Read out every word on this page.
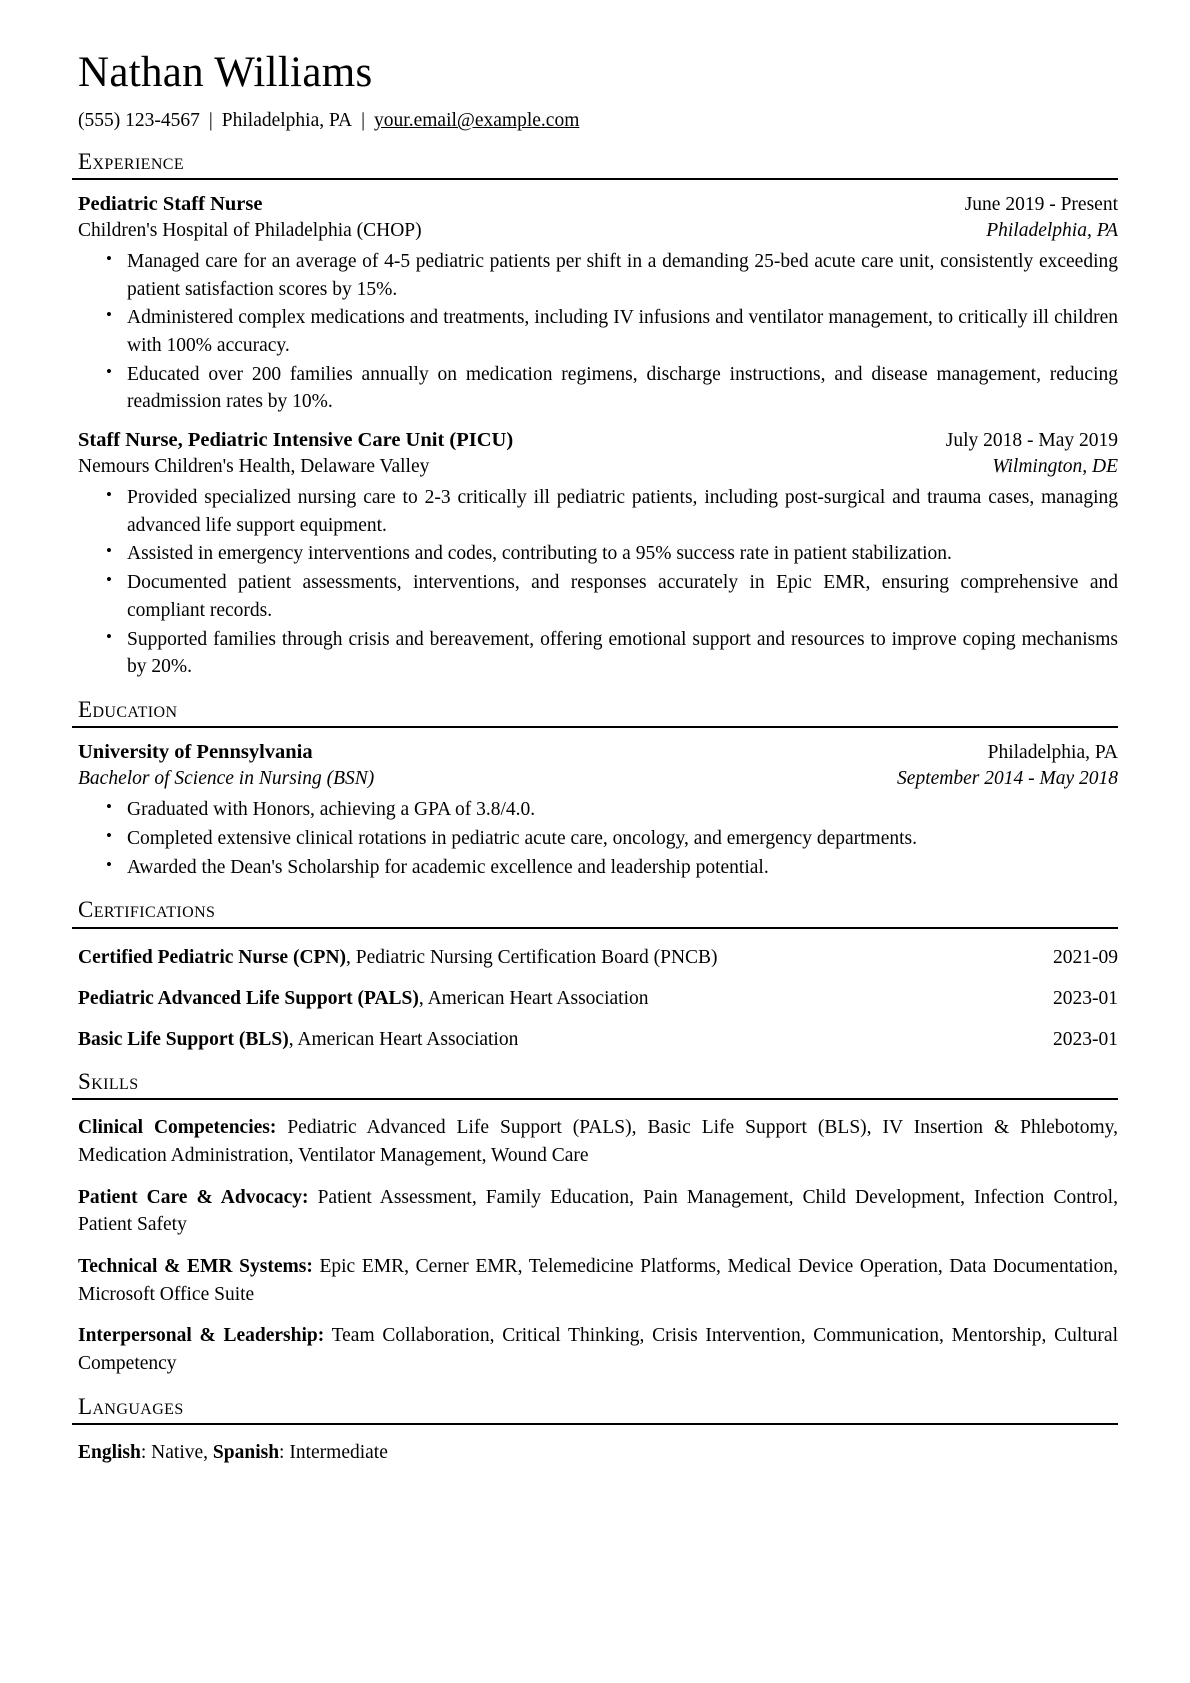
Nathan Williams
(555) 123-4567 | Philadelphia, PA | your.email@example.com
Experience
Pediatric Staff Nurse	June 2019 - Present
Children's Hospital of Philadelphia (CHOP)	Philadelphia, PA
• Managed care for an average of 4-5 pediatric patients per shift in a demanding 25-bed acute care unit, consistently exceeding patient satisfaction scores by 15%.
• Administered complex medications and treatments, including IV infusions and ventilator management, to critically ill children with 100% accuracy.
• Educated over 200 families annually on medication regimens, discharge instructions, and disease management, reducing readmission rates by 10%.
Staff Nurse, Pediatric Intensive Care Unit (PICU)	July 2018 - May 2019
Nemours Children's Health, Delaware Valley	Wilmington, DE
• Provided specialized nursing care to 2-3 critically ill pediatric patients, including post-surgical and trauma cases, managing advanced life support equipment.
• Assisted in emergency interventions and codes, contributing to a 95% success rate in patient stabilization.
• Documented patient assessments, interventions, and responses accurately in Epic EMR, ensuring comprehensive and compliant records.
• Supported families through crisis and bereavement, offering emotional support and resources to improve coping mechanisms by 20%.
Education
University of Pennsylvania	Philadelphia, PA
Bachelor of Science in Nursing (BSN)	September 2014 - May 2018
• Graduated with Honors, achieving a GPA of 3.8/4.0.
• Completed extensive clinical rotations in pediatric acute care, oncology, and emergency departments.
• Awarded the Dean's Scholarship for academic excellence and leadership potential.
Certifications
Certified Pediatric Nurse (CPN), Pediatric Nursing Certification Board (PNCB)	2021-09
Pediatric Advanced Life Support (PALS), American Heart Association	2023-01
Basic Life Support (BLS), American Heart Association	2023-01
Skills
Clinical Competencies: Pediatric Advanced Life Support (PALS), Basic Life Support (BLS), IV Insertion & Phlebotomy, Medication Administration, Ventilator Management, Wound Care
Patient Care & Advocacy: Patient Assessment, Family Education, Pain Management, Child Development, Infection Control, Patient Safety
Technical & EMR Systems: Epic EMR, Cerner EMR, Telemedicine Platforms, Medical Device Operation, Data Documentation, Microsoft Office Suite
Interpersonal & Leadership: Team Collaboration, Critical Thinking, Crisis Intervention, Communication, Mentorship, Cultural Competency
Languages
English: Native, Spanish: Intermediate
